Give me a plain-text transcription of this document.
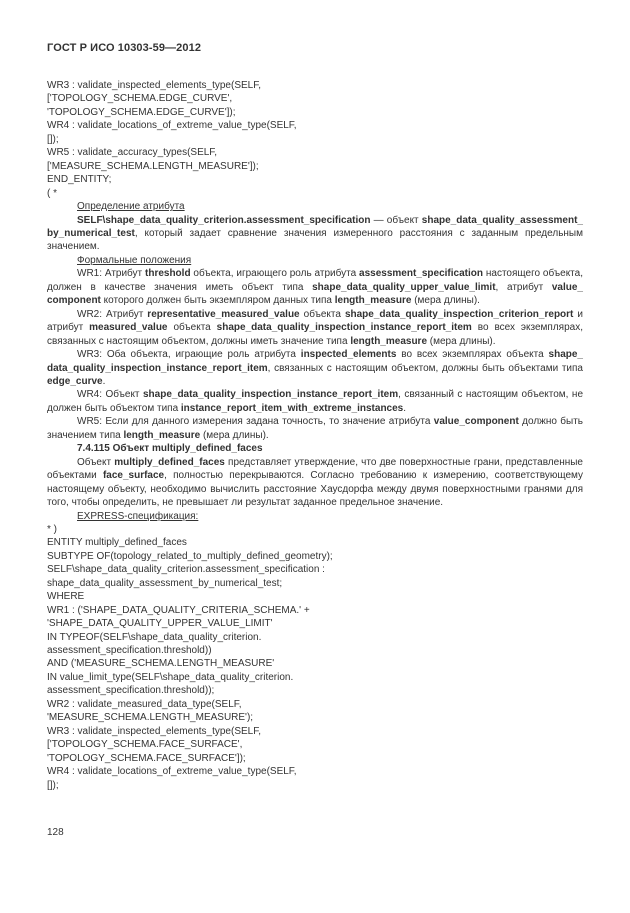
ГОСТ Р ИСО 10303-59—2012
WR3 : validate_inspected_elements_type(SELF,
['TOPOLOGY_SCHEMA.EDGE_CURVE',
'TOPOLOGY_SCHEMA.EDGE_CURVE']);
WR4 : validate_locations_of_extreme_value_type(SELF,
[]);
WR5 : validate_accuracy_types(SELF,
['MEASURE_SCHEMA.LENGTH_MEASURE']);
END_ENTITY;
( *
Определение атрибута
SELF\shape_data_quality_criterion.assessment_specification — объект shape_data_quality_assessment_by_numerical_test, который задает сравнение значения измеренного расстояния с заданным предельным значением.
Формальные положения
WR1: Атрибут threshold объекта, играющего роль атрибута assessment_specification настоящего объекта, должен в качестве значения иметь объект типа shape_data_quality_upper_value_limit, атрибут value_component которого должен быть экземпляром данных типа length_measure (мера длины).
WR2: Атрибут representative_measured_value объекта shape_data_quality_inspection_criterion_report и атрибут measured_value объекта shape_data_quality_inspection_instance_report_item во всех экземплярах, связанных с настоящим объектом, должны иметь значение типа length_measure (мера длины).
WR3: Оба объекта, играющие роль атрибута inspected_elements во всех экземплярах объекта shape_data_quality_inspection_instance_report_item, связанных с настоящим объектом, должны быть объектами типа edge_curve.
WR4: Объект shape_data_quality_inspection_instance_report_item, связанный с настоящим объектом, не должен быть объектом типа instance_report_item_with_extreme_instances.
WR5: Если для данного измерения задана точность, то значение атрибута value_component должно быть значением типа length_measure (мера длины).
7.4.115 Объект multiply_defined_faces
Объект multiply_defined_faces представляет утверждение, что две поверхностные грани, представленные объектами face_surface, полностью перекрываются. Согласно требованию к измерению, соответствующему настоящему объекту, необходимо вычислить расстояние Хаусдорфа между двумя поверхностными гранями для того, чтобы определить, не превышает ли результат заданное предельное значение.
EXPRESS-спецификация:
* )
ENTITY multiply_defined_faces
SUBTYPE OF(topology_related_to_multiply_defined_geometry);
SELF\shape_data_quality_criterion.assessment_specification :
shape_data_quality_assessment_by_numerical_test;
WHERE
WR1 : ('SHAPE_DATA_QUALITY_CRITERIA_SCHEMA.' +
'SHAPE_DATA_QUALITY_UPPER_VALUE_LIMIT'
IN TYPEOF(SELF\shape_data_quality_criterion.
assessment_specification.threshold))
AND ('MEASURE_SCHEMA.LENGTH_MEASURE'
IN value_limit_type(SELF\shape_data_quality_criterion.
assessment_specification.threshold));
WR2 : validate_measured_data_type(SELF,
'MEASURE_SCHEMA.LENGTH_MEASURE');
WR3 : validate_inspected_elements_type(SELF,
['TOPOLOGY_SCHEMA.FACE_SURFACE',
'TOPOLOGY_SCHEMA.FACE_SURFACE']);
WR4 : validate_locations_of_extreme_value_type(SELF,
[]);
128
